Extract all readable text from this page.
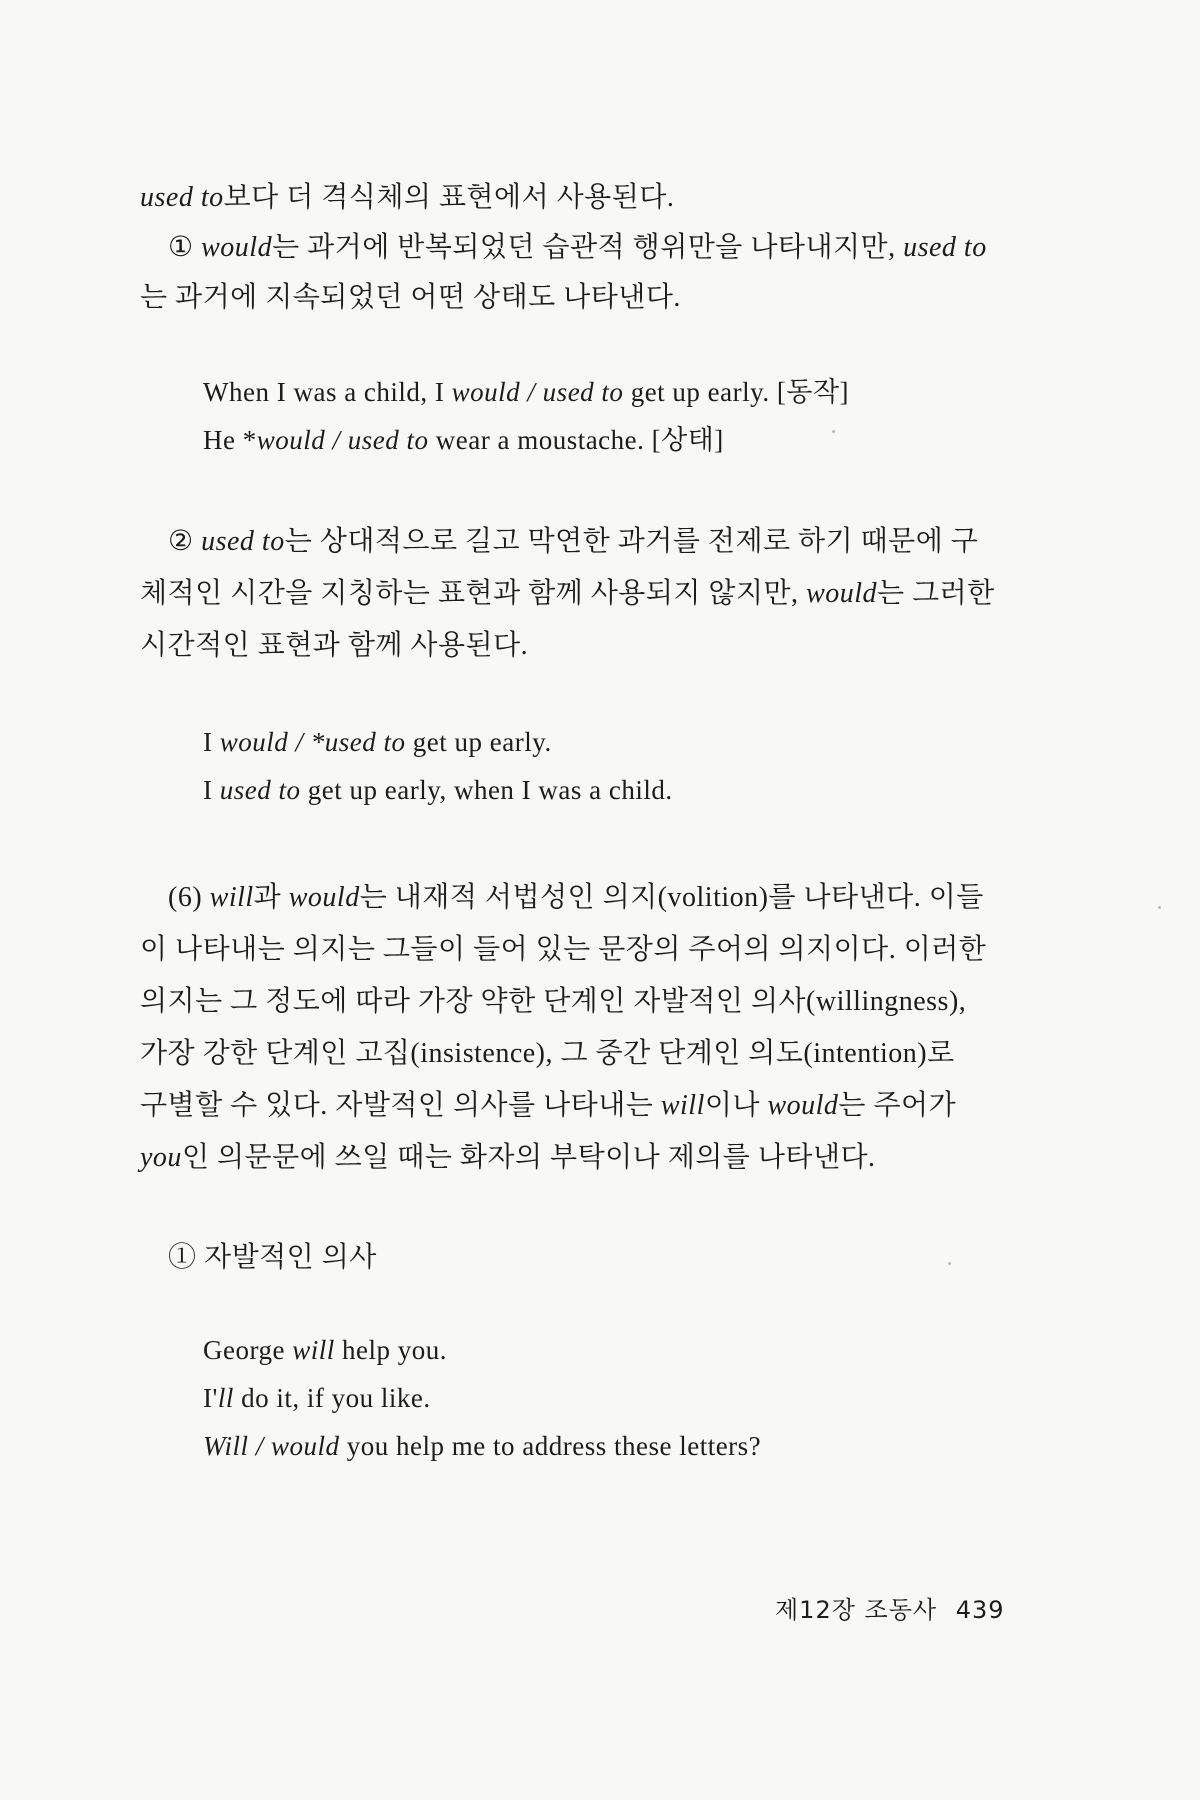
used to보다 더 격식체의 표현에서 사용된다.
① would는 과거에 반복되었던 습관적 행위만을 나타내지만, used to
는 과거에 지속되었던 어떤 상태도 나타낸다.
When I was a child, I would / used to get up early. [동작]
He *would / used to wear a moustache. [상태]
② used to는 상대적으로 길고 막연한 과거를 전제로 하기 때문에 구
체적인 시간을 지칭하는 표현과 함께 사용되지 않지만, would는 그러한
시간적인 표현과 함께 사용된다.
I would / *used to get up early.
I used to get up early, when I was a child.
(6) will과 would는 내재적 서법성인 의지(volition)를 나타낸다. 이들
이 나타내는 의지는 그들이 들어 있는 문장의 주어의 의지이다. 이러한
의지는 그 정도에 따라 가장 약한 단계인 자발적인 의사(willingness),
가장 강한 단계인 고집(insistence), 그 중간 단계인 의도(intention)로
구별할 수 있다. 자발적인 의사를 나타내는 will이나 would는 주어가
you인 의문문에 쓰일 때는 화자의 부탁이나 제의를 나타낸다.
① 자발적인 의사
George will help you.
I'll do it, if you like.
Will / would you help me to address these letters?
제12장 조동사 439
